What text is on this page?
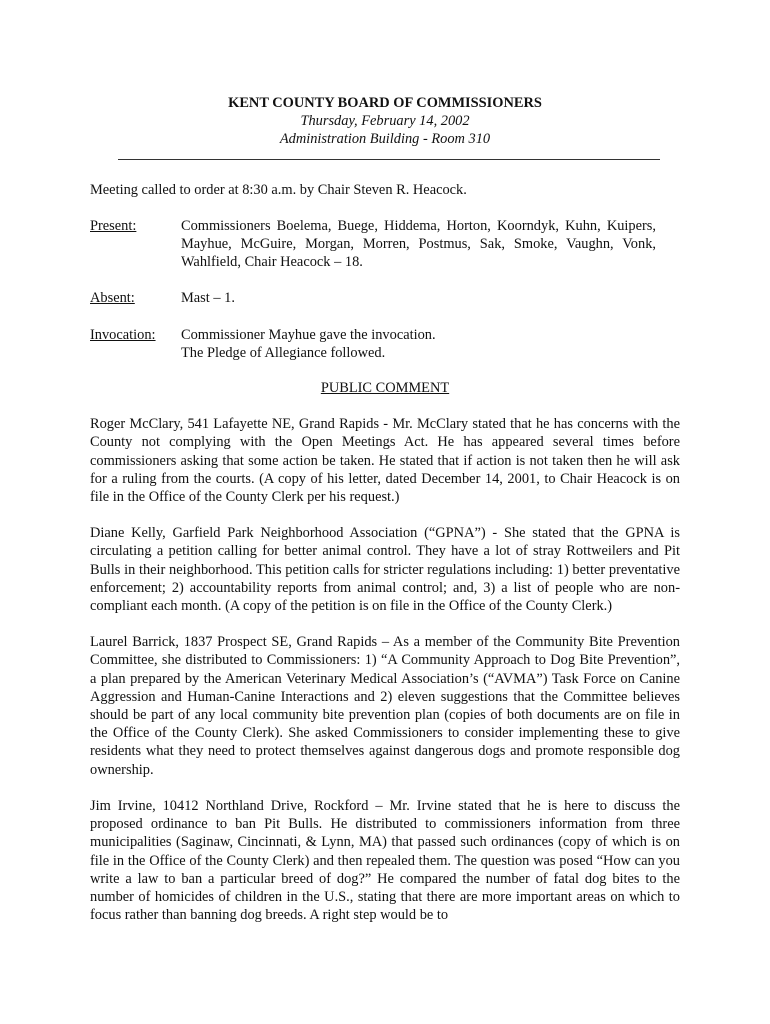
KENT COUNTY BOARD OF COMMISSIONERS
Thursday, February 14, 2002
Administration Building - Room 310
Meeting called to order at 8:30 a.m. by Chair Steven R. Heacock.
Present:	Commissioners Boelema, Buege, Hiddema, Horton, Koorndyk, Kuhn, Kuipers, Mayhue, McGuire, Morgan, Morren, Postmus, Sak, Smoke, Vaughn, Vonk, Wahlfield, Chair Heacock – 18.
Absent:	Mast – 1.
Invocation:	Commissioner Mayhue gave the invocation.
The Pledge of Allegiance followed.
PUBLIC COMMENT
Roger McClary, 541 Lafayette NE, Grand Rapids - Mr. McClary stated that he has concerns with the County not complying with the Open Meetings Act. He has appeared several times before commissioners asking that some action be taken. He stated that if action is not taken then he will ask for a ruling from the courts. (A copy of his letter, dated December 14, 2001, to Chair Heacock is on file in the Office of the County Clerk per his request.)
Diane Kelly, Garfield Park Neighborhood Association (“GPNA”) - She stated that the GPNA is circulating a petition calling for better animal control. They have a lot of stray Rottweilers and Pit Bulls in their neighborhood. This petition calls for stricter regulations including: 1) better preventative enforcement; 2) accountability reports from animal control; and, 3) a list of people who are non-compliant each month. (A copy of the petition is on file in the Office of the County Clerk.)
Laurel Barrick, 1837 Prospect SE, Grand Rapids – As a member of the Community Bite Prevention Committee, she distributed to Commissioners: 1) “A Community Approach to Dog Bite Prevention”, a plan prepared by the American Veterinary Medical Association’s (“AVMA”) Task Force on Canine Aggression and Human-Canine Interactions and 2) eleven suggestions that the Committee believes should be part of any local community bite prevention plan (copies of both documents are on file in the Office of the County Clerk). She asked Commissioners to consider implementing these to give residents what they need to protect themselves against dangerous dogs and promote responsible dog ownership.
Jim Irvine, 10412 Northland Drive, Rockford – Mr. Irvine stated that he is here to discuss the proposed ordinance to ban Pit Bulls. He distributed to commissioners information from three municipalities (Saginaw, Cincinnati, & Lynn, MA) that passed such ordinances (copy of which is on file in the Office of the County Clerk) and then repealed them. The question was posed “How can you write a law to ban a particular breed of dog?” He compared the number of fatal dog bites to the number of homicides of children in the U.S., stating that there are more important areas on which to focus rather than banning dog breeds. A right step would be to
